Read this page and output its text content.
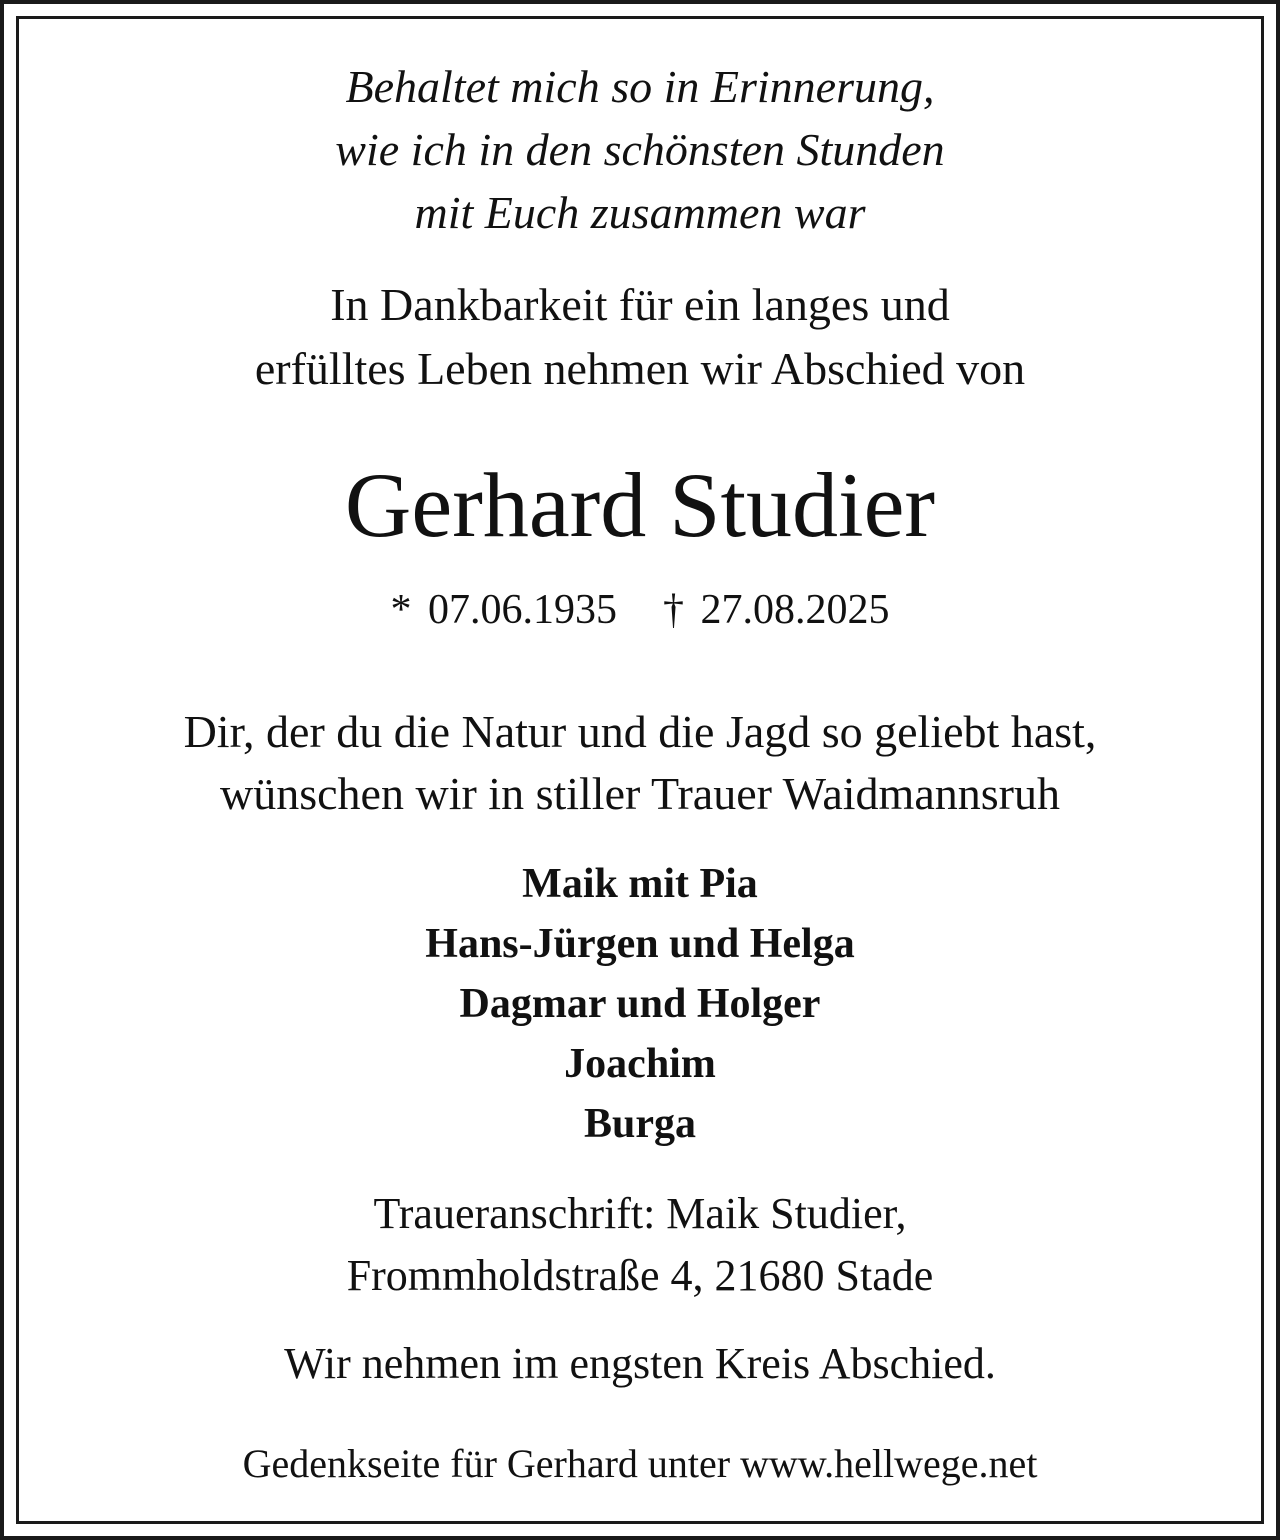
Behaltet mich so in Erinnerung,
wie ich in den schönsten Stunden
mit Euch zusammen war
In Dankbarkeit für ein langes und
erfülltes Leben nehmen wir Abschied von
Gerhard Studier
* 07.06.1935 † 27.08.2025
Dir, der du die Natur und die Jagd so geliebt hast,
wünschen wir in stiller Trauer Waidmannsruh
Maik mit Pia
Hans-Jürgen und Helga
Dagmar und Holger
Joachim
Burga
Traueranschrift: Maik Studier,
Frommholdstraße 4, 21680 Stade
Wir nehmen im engsten Kreis Abschied.
Gedenkseite für Gerhard unter www.hellwege.net
